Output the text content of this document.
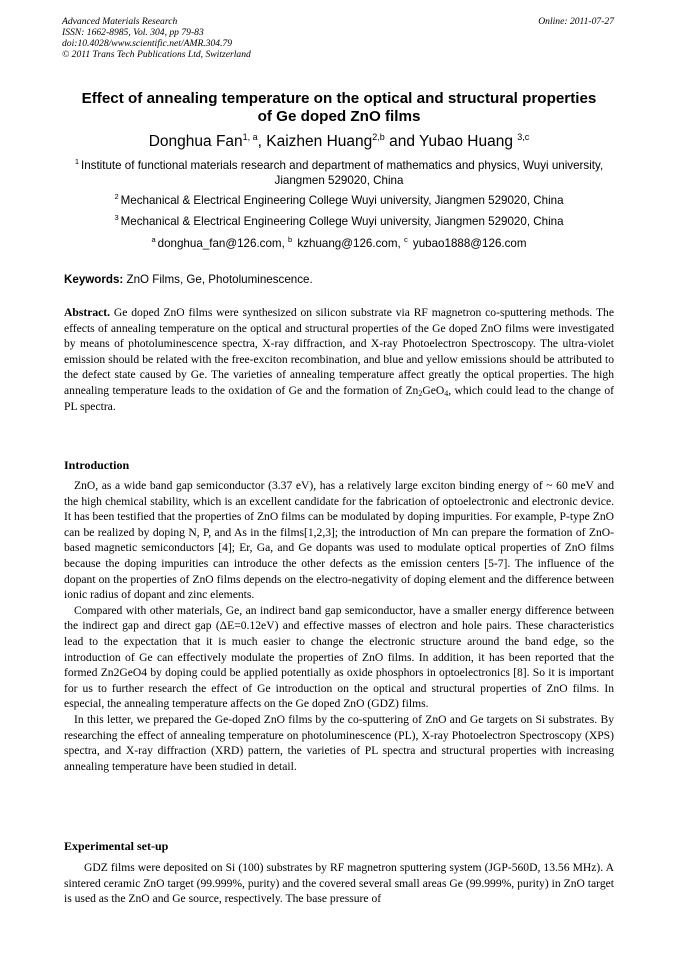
Advanced Materials Research
ISSN: 1662-8985, Vol. 304, pp 79-83
doi:10.4028/www.scientific.net/AMR.304.79
© 2011 Trans Tech Publications Ltd, Switzerland
Online: 2011-07-27
Effect of annealing temperature on the optical and structural properties
of Ge doped ZnO films
Donghua Fan$^{1, a}$, Kaizhen Huang$^{2,b}$ and Yubao Huang $^{3,c}$
$^1$ Institute of functional materials research and department of mathematics and physics, Wuyi university, Jiangmen 529020, China
$^2$ Mechanical & Electrical Engineering College Wuyi university, Jiangmen 529020, China
$^3$ Mechanical & Electrical Engineering College Wuyi university, Jiangmen 529020, China
$^a$ donghua_fan@126.com, $^b$ kzhuang@126.com, $^c$ yubao1888@126.com
Keywords: ZnO Films, Ge, Photoluminescence.

Abstract. Ge doped ZnO films were synthesized on silicon substrate via RF magnetron co-sputtering methods. The effects of annealing temperature on the optical and structural properties of the Ge doped ZnO films were investigated by means of photoluminescence spectra, X-ray diffraction, and X-ray Photoelectron Spectroscopy. The ultra-violet emission should be related with the free-exciton recombination, and blue and yellow emissions should be attributed to the defect state caused by Ge. The varieties of annealing temperature affect greatly the optical properties. The high annealing temperature leads to the oxidation of Ge and the formation of $Zn_2GeO_4$, which could lead to the change of PL spectra.

Introduction

ZnO, as a wide band gap semiconductor (3.37 eV), has a relatively large exciton binding energy of ~ 60 meV and the high chemical stability, which is an excellent candidate for the fabrication of optoelectronic and electronic device. It has been testified that the properties of ZnO films can be modulated by doping impurities. For example, P-type ZnO can be realized by doping N, P, and As in the films[1,2,3]; the introduction of Mn can prepare the formation of ZnO-based magnetic semiconductors [4]; Er, Ga, and Ge dopants was used to modulate optical properties of ZnO films because the doping impurities can introduce the other defects as the emission centers [5-7]. The influence of the dopant on the properties of ZnO films depends on the electro-negativity of doping element and the difference between ionic radius of dopant and zinc elements.

Compared with other materials, Ge, an indirect band gap semiconductor, have a smaller energy difference between the indirect gap and direct gap (ΔE=0.12eV) and effective masses of electron and hole pairs. These characteristics lead to the expectation that it is much easier to change the electronic structure around the band edge, so the introduction of Ge can effectively modulate the properties of ZnO films. In addition, it has been reported that the formed Zn2GeO4 by doping could be applied potentially as oxide phosphors in optoelectronics [8]. So it is important for us to further research the effect of Ge introduction on the optical and structural properties of ZnO films. In especial, the annealing temperature affects on the Ge doped ZnO (GDZ) films.

In this letter, we prepared the Ge-doped ZnO films by the co-sputtering of ZnO and Ge targets on Si substrates. By researching the effect of annealing temperature on photoluminescence (PL), X-ray Photoelectron Spectroscopy (XPS) spectra, and X-ray diffraction (XRD) pattern, the varieties of PL spectra and structural properties with increasing annealing temperature have been studied in detail.

Experimental set-up

GDZ films were deposited on Si (100) substrates by RF magnetron sputtering system (JGP-560D, 13.56 MHz). A sintered ceramic ZnO target (99.999%, purity) and the covered several small areas Ge (99.999%, purity) in ZnO target is used as the ZnO and Ge source, respectively. The base pressure of
